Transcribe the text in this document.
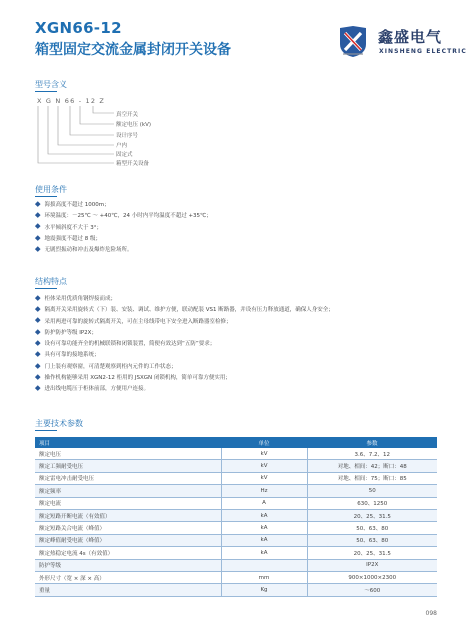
XGN66-12
箱型固定交流金属封闭开关设备
鑫盛电气
XINSHENG ELECTRIC
型号含义
X G N 66 - 12 Z
真空开关
额定电压 (kV)
设计序号
户内
固定式
箱型开关设备
使用条件
海拔高度不超过 1000m；
环境温度：－25℃ ～ +40℃，24 小时内平均温度不超过 +35℃；
水平倾斜度不大于 3°；
地震强度不超过 8 级；
无剧烈振动和冲击及爆炸危险场所。
结构特点
柜体采用优质角钢焊接而成；
隔离开关采用旋转式（下）装、安装、调试、维护方便，联动配装 VS1 断路器，并设有压力释放通道，确保人身安全；
采用两进可靠的旋转式隔离开关，可在主母线带电下安全进入断路器室检修；
防护防护等级 IP2X；
设有可靠功能齐全的机械联锁和闭锁装置，简便有效达到“五防”要求；
具有可靠的接地系统；
门上装有观察窗，可清楚观察到柜内元件的工作状态；
操作机构能够采用 XGN2-12 柜用的 JSXGN 闭锁机构，简单可靠方便实用；
进出线电缆压于柜体前部，方便用户连接。
主要技术参数
项目	单位	参数
额定电压	kV	3.6、7.2、12
额定工频耐受电压	kV	对地、相间：42；断口：48
额定雷电冲击耐受电压	kV	对地、相间：75；断口：85
额定频率	Hz	50
额定电流	A	630、1250
额定短路开断电流（有效值）	kA	20、25、31.5
额定短路关合电流（峰值）	kA	50、63、80
额定峰值耐受电流（峰值）	kA	50、63、80
额定热稳定电流 4s（有效值）	kA	20、25、31.5
防护等级		IP2X
外形尺寸（宽 × 深 × 高）	mm	900×1000×2300
重量	Kg	～600
098
